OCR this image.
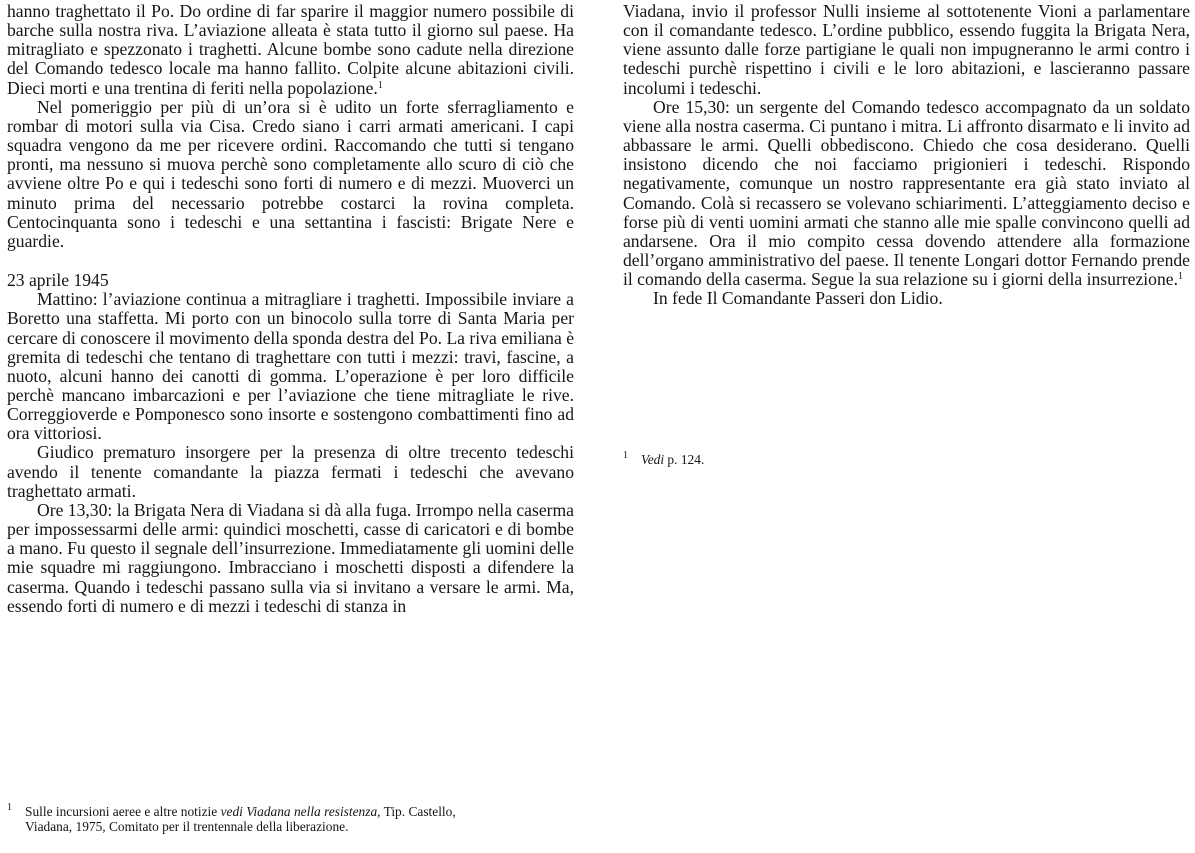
hanno traghettato il Po. Do ordine di far sparire il maggior numero possibile di barche sulla nostra riva. L’aviazione alleata è stata tutto il giorno sul paese. Ha mitragliato e spezzonato i traghetti. Alcune bombe sono cadute nella direzione del Comando tedesco locale ma hanno fallito. Colpite alcune abitazioni civili. Dieci morti e una trentina di feriti nella popolazione.$^1$

Nel pomeriggio per più di un’ora si è udito un forte sferragliamento e rombar di motori sulla via Cisa. Credo siano i carri armati americani. I capi squadra vengono da me per ricevere ordini. Raccomando che tutti si tengano pronti, ma nessuno si muova perchè sono completamente allo scuro di ciò che avviene oltre Po e qui i tedeschi sono forti di numero e di mezzi. Muoverci un minuto prima del necessario potrebbe costarci la rovina completa. Centocinquanta sono i tedeschi e una settantina i fascisti: Brigate Nere e guardie.

23 aprile 1945

Mattino: l’aviazione continua a mitragliare i traghetti. Impossibile inviare a Boretto una staffetta. Mi porto con un binocolo sulla torre di Santa Maria per cercare di conoscere il movimento della sponda destra del Po. La riva emiliana è gremita di tedeschi che tentano di traghettare con tutti i mezzi: travi, fascine, a nuoto, alcuni hanno dei canotti di gomma. L’operazione è per loro difficile perchè mancano imbarcazioni e per l’aviazione che tiene mitragliate le rive. Correggioverde e Pomponesco sono insorte e sostengono combattimenti fino ad ora vittoriosi.

Giudico prematuro insorgere per la presenza di oltre trecento tedeschi avendo il tenente comandante la piazza fermati i tedeschi che avevano traghettato armati.

Ore 13,30: la Brigata Nera di Viadana si dà alla fuga. Irrompo nella caserma per impossessarmi delle armi: quindici moschetti, casse di caricatori e di bombe a mano. Fu questo il segnale dell’insurrezione. Immediatamente gli uomini delle mie squadre mi raggiungono. Imbracciano i moschetti disposti a difendere la caserma. Quando i tedeschi passano sulla via si invitano a versare le armi. Ma, essendo forti di numero e di mezzi i tedeschi di stanza in

$^1$ Sulle incursioni aeree e altre notizie vedi Viadana nella resistenza, Tip. Castello,
Viadana, 1975, Comitato per il trentennale della liberazione.

Viadana, invio il professor Nulli insieme al sottotenente Vioni a parlamentare con il comandante tedesco. L’ordine pubblico, essendo fuggita la Brigata Nera, viene assunto dalle forze partigiane le quali non impugneranno le armi contro i tedeschi purchè rispettino i civili e le loro abitazioni, e lascieranno passare incolumi i tedeschi.

Ore 15,30: un sergente del Comando tedesco accompagnato da un soldato viene alla nostra caserma. Ci puntano i mitra. Li affronto disarmato e li invito ad abbassare le armi. Quelli obbediscono. Chiedo che cosa desiderano. Quelli insistono dicendo che noi facciamo prigionieri i tedeschi. Rispondo negativamente, comunque un nostro rappresentante era già stato inviato al Comando. Colà si recassero se volevano schiarimenti. L’atteggiamento deciso e forse più di venti uomini armati che stanno alle mie spalle convincono quelli ad andarsene. Ora il mio compito cessa dovendo attendere alla formazione dell’organo amministrativo del paese. Il tenente Longari dottor Fernando prende il comando della caserma. Segue la sua relazione su i giorni della insurrezione.$^1$

In fede Il Comandante Passeri don Lidio.

$^1$ Vedi p. 124.
